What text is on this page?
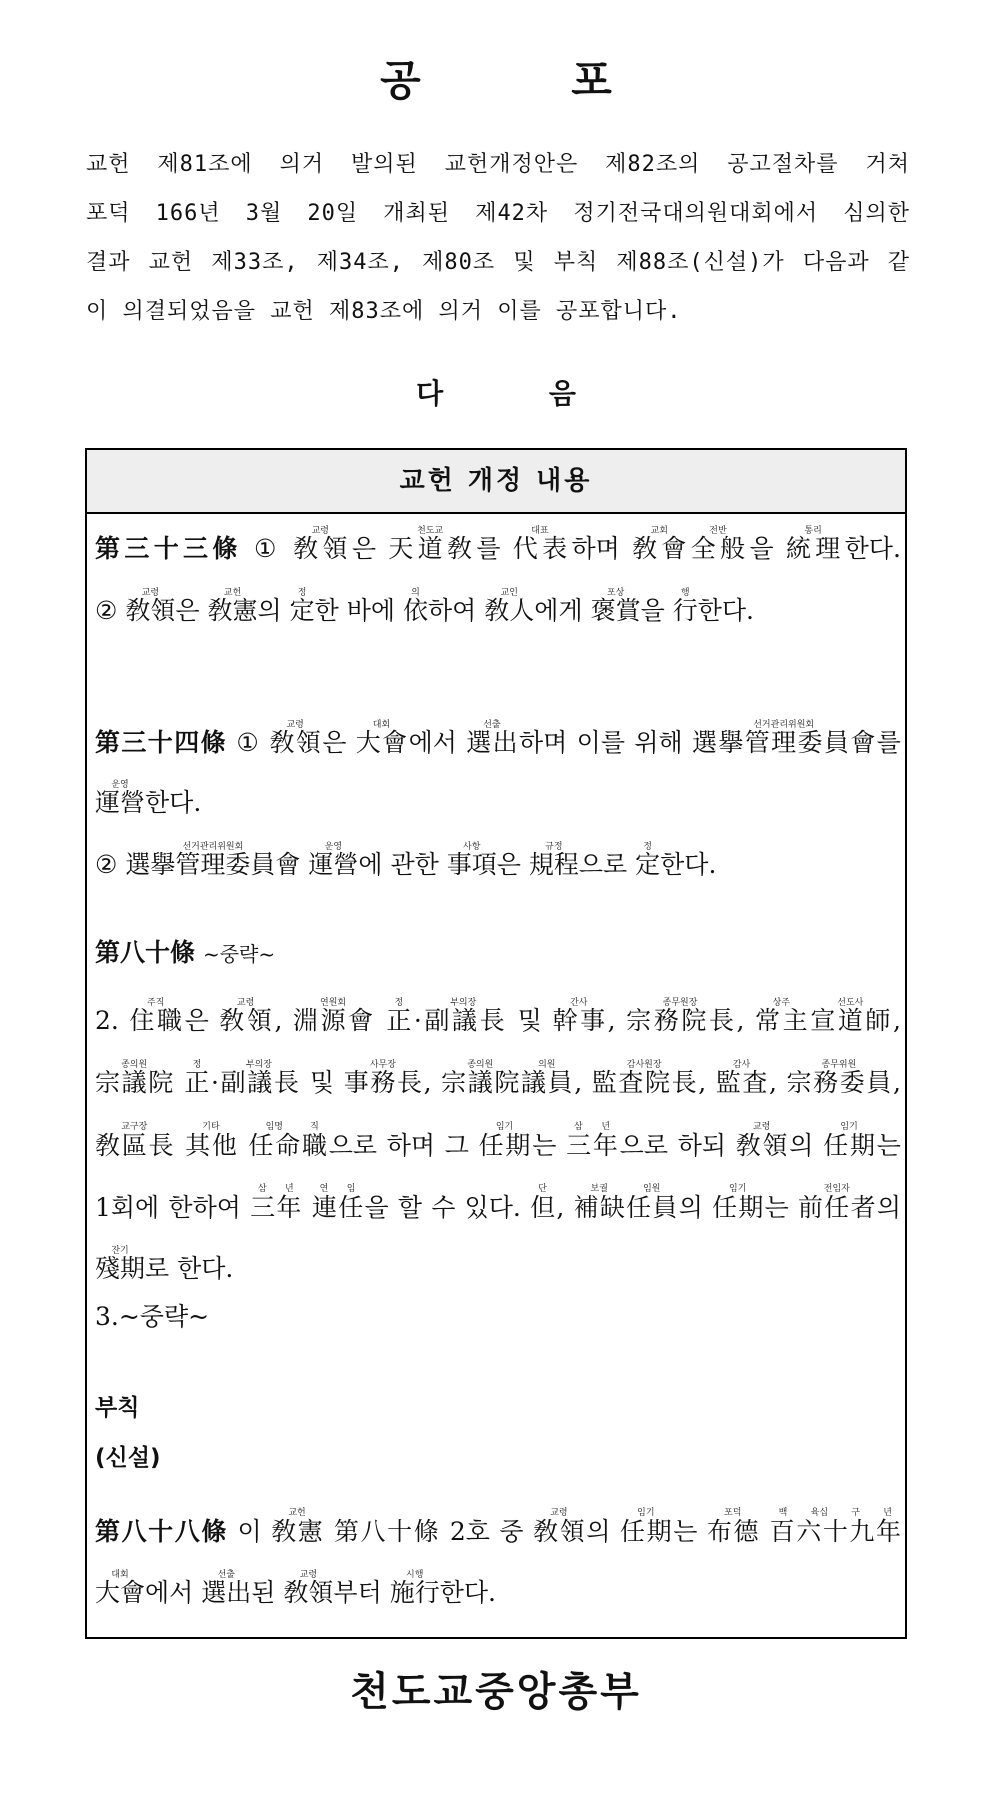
공 포
교헌 제81조에 의거 발의된 교헌개정안은 제82조의 공고절차를 거쳐
포덕 166년 3월 20일 개최된 제42차 정기전국대의원대회에서 심의한
결과 교헌 제33조, 제34조, 제80조 및 부칙 제88조(신설)가 다음과 같
이 의결되었음을 교헌 제83조에 의거 이를 공포합니다.
다 음
교헌 개정 내용
第三十三條 ① 敎領교령은 天道敎천도교를 代表대표하며 敎會교회全般전반을 統理통리한다.
② 敎領교령은 敎憲교헌의 定정한 바에 依의하여 敎人교인에게 褒賞포상을 行행한다.
第三十四條 ① 敎領교령은 大會대회에서 選出선출하며 이를 위해 選擧管理委員會선거관리위원회를
運營운영한다.
② 選擧管理委員會선거관리위원회 運營운영에 관한 事項사항은 規程규정으로 定정한다.
第八十條 ~중략~
2. 住職주직은 敎領교령, 淵源會연원회 正정·副議長부의장 및 幹事간사, 宗務院長종무원장, 常主상주宣道師선도사,
宗議院종의원 正정·副議長부의장 및 事務長사무장, 宗議院종의원議員의원, 監査院長감사원장, 監査감사, 宗務委員종무위원,
敎區長교구장 其他기타 任命임명職직으로 하며 그 任期임기는 三年삼 년으로 하되 敎領교령의 任期임기는
1회에 한하여 三年삼 년 連任연 임을 할 수 있다. 但단, 補缺보궐任員임원의 任期임기는 前任者전임자의
殘期잔기로 한다.
3.~중략~
부칙
(신설)
第八十八條 이 敎憲교헌 第八十條 2호 중 敎領교령의 任期임기는 布德포덕 百六十九年백 육십 구 년
大會대회에서 選出선출된 敎領교령부터 施行시행한다.
천도교중앙총부
